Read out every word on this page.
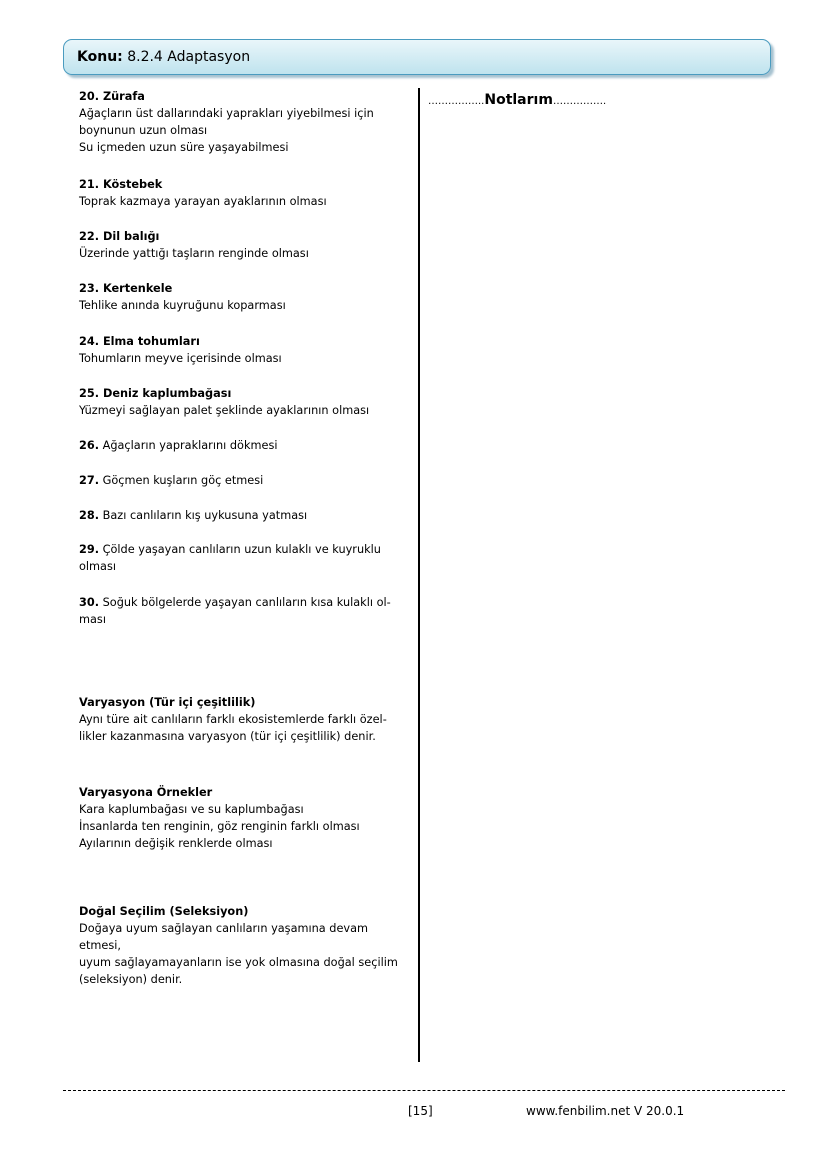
Konu: 8.2.4 Adaptasyon
20. Zürafa
Ağaçların üst dallarındaki yaprakları yiyebilmesi için
boynunun uzun olması
Su içmeden uzun süre yaşayabilmesi
21. Köstebek
Toprak kazmaya yarayan ayaklarının olması
22. Dil balığı
Üzerinde yattığı taşların renginde olması
23. Kertenkele
Tehlike anında kuyruğunu koparması
24. Elma tohumları
Tohumların meyve içerisinde olması
25. Deniz kaplumbağası
Yüzmeyi sağlayan palet şeklinde ayaklarının olması
26. Ağaçların yapraklarını dökmesi
27. Göçmen kuşların göç etmesi
28. Bazı canlıların kış uykusuna yatması
29. Çölde yaşayan canlıların uzun kulaklı ve kuyruklu
olması
30. Soğuk bölgelerde yaşayan canlıların kısa kulaklı ol-
ması
Varyasyon (Tür içi çeşitlilik)
Aynı türe ait canlıların farklı ekosistemlerde farklı özel-
likler kazanmasına varyasyon (tür içi çeşitlilik) denir.
Varyasyona Örnekler
Kara kaplumbağası ve su kaplumbağası
İnsanlarda ten renginin, göz renginin farklı olması
Ayılarının değişik renklerde olması
Doğal Seçilim (Seleksiyon)
Doğaya uyum sağlayan canlıların yaşamına devam etmesi,
uyum sağlayamayanların ise yok olmasına doğal seçilim
(seleksiyon) denir.
……………..Notlarım…………….
[15]	www.fenbilim.net V 20.0.1
